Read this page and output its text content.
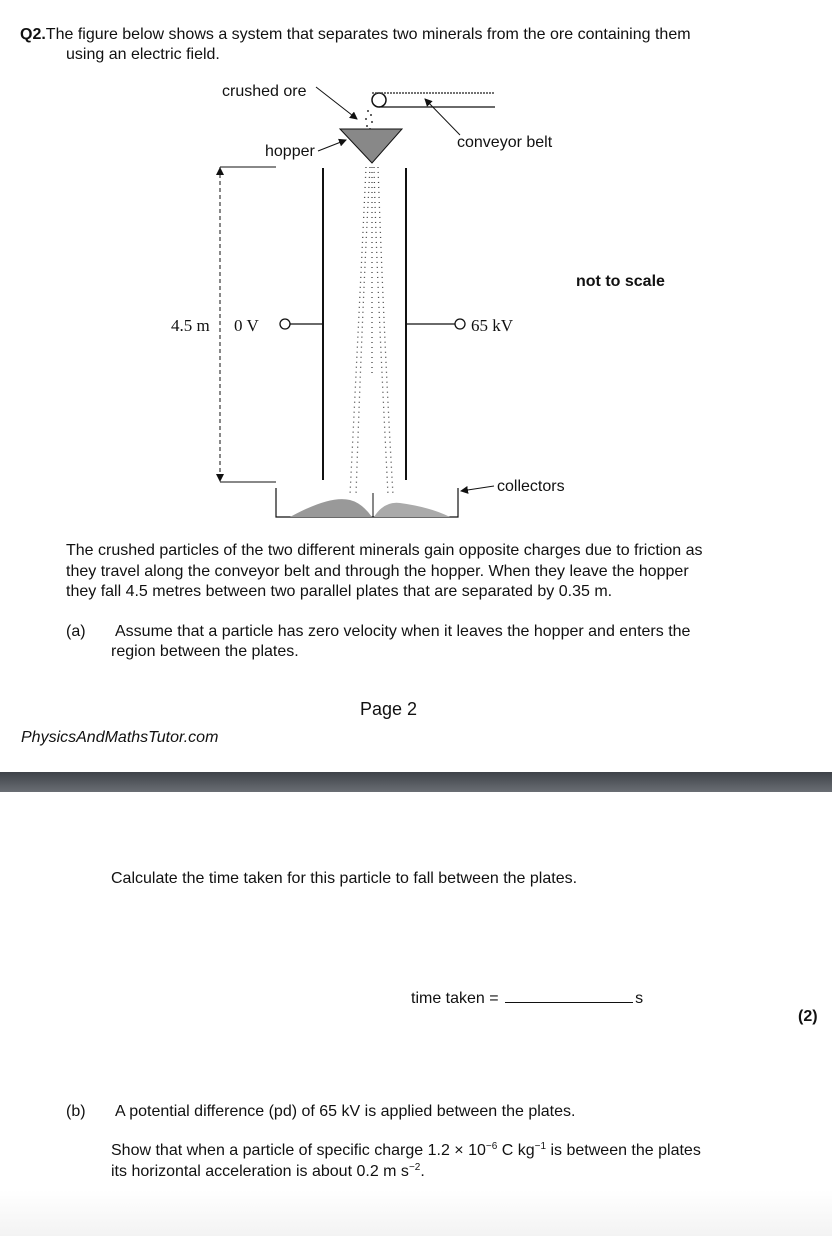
Q2.The figure below shows a system that separates two minerals from the ore containing them
using an electric field.
crushed ore
conveyor belt
hopper
4.5 m 0 V	65 kV
not to scale
collectors
The crushed particles of the two different minerals gain opposite charges due to friction as
they travel along the conveyor belt and through the hopper. When they leave the hopper
they fall 4.5 metres between two parallel plates that are separated by 0.35 m.
(a) Assume that a particle has zero velocity when it leaves the hopper and enters the
region between the plates.
Page 2
PhysicsAndMathsTutor.com
Calculate the time taken for this particle to fall between the plates.
time taken =	s
(2)
(b) A potential difference (pd) of 65 kV is applied between the plates.
Show that when a particle of specific charge $1.2 \times 10^{-6}$ C $kg^{-1}$ is between the plates
its horizontal acceleration is about 0.2 m $s^{-2}$.
